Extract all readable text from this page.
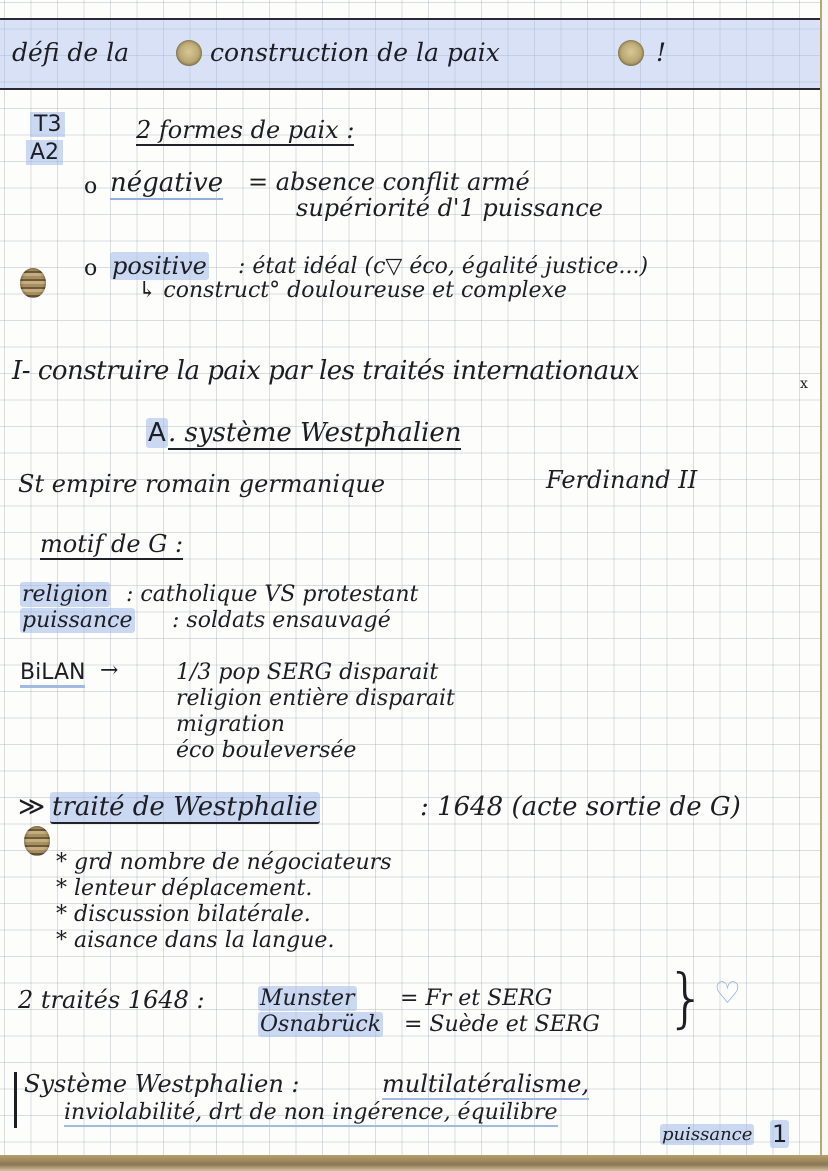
défi de la	construction de la paix	!
T3
A2
2 formes de paix :
o négative = absence conflit armé
supériorité d'1 puissance
o positive : état idéal (c▽ éco, égalité justice...)
↳ construct° douloureuse et complexe
I- construire la paix par les traités internationaux	x
A . système Westphalien
St empire romain germanique	Ferdinand II
motif de G :
religion : catholique VS protestant
puissance : soldats ensauvagé
BiLAN →	1/3 pop SERG disparait
religion entière disparait
migration
éco bouleversée
≫ traité de Westphalie	: 1648 (acte sortie de G)
* grd nombre de négociateurs
* lenteur déplacement.
* discussion bilatérale.
* aisance dans la langue.
2 traités 1648 :	Munster = Fr et SERG
Osnabrück = Suède et SERG } ♡
Système Westphalien :	multilatéralisme,
inviolabilité, drt de non ingérence, équilibre
puissance 1
